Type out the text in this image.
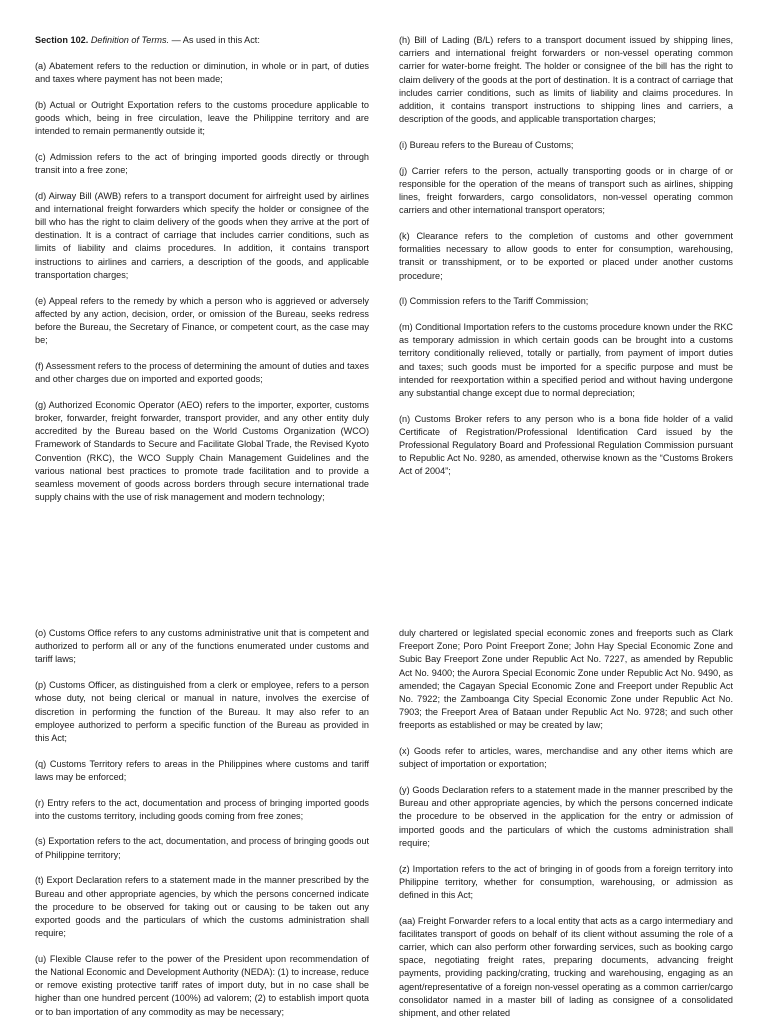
Section 102. Definition of Terms. — As used in this Act:

(a) Abatement refers to the reduction or diminution, in whole or in part, of duties and taxes where payment has not been made;

(b) Actual or Outright Exportation refers to the customs procedure applicable to goods which, being in free circulation, leave the Philippine territory and are intended to remain permanently outside it;

(c) Admission refers to the act of bringing imported goods directly or through transit into a free zone;

(d) Airway Bill (AWB) refers to a transport document for airfreight used by airlines and international freight forwarders which specify the holder or consignee of the bill who has the right to claim delivery of the goods when they arrive at the port of destination. It is a contract of carriage that includes carrier conditions, such as limits of liability and claims procedures. In addition, it contains transport instructions to airlines and carriers, a description of the goods, and applicable transportation charges;

(e) Appeal refers to the remedy by which a person who is aggrieved or adversely affected by any action, decision, order, or omission of the Bureau, seeks redress before the Bureau, the Secretary of Finance, or competent court, as the case may be;

(f) Assessment refers to the process of determining the amount of duties and taxes and other charges due on imported and exported goods;

(g) Authorized Economic Operator (AEO) refers to the importer, exporter, customs broker, forwarder, freight forwarder, transport provider, and any other entity duly accredited by the Bureau based on the World Customs Organization (WCO) Framework of Standards to Secure and Facilitate Global Trade, the Revised Kyoto Convention (RKC), the WCO Supply Chain Management Guidelines and the various national best practices to promote trade facilitation and to provide a seamless movement of goods across borders through secure international trade supply chains with the use of risk management and modern technology;

(h) Bill of Lading (B/L) refers to a transport document issued by shipping lines, carriers and international freight forwarders or non-vessel operating common carrier for water-borne freight. The holder or consignee of the bill has the right to claim delivery of the goods at the port of destination. It is a contract of carriage that includes carrier conditions, such as limits of liability and claims procedures. In addition, it contains transport instructions to shipping lines and carriers, a description of the goods, and applicable transportation charges;

(i) Bureau refers to the Bureau of Customs;

(j) Carrier refers to the person, actually transporting goods or in charge of or responsible for the operation of the means of transport such as airlines, shipping lines, freight forwarders, cargo consolidators, non-vessel operating common carriers and other international transport operators;

(k) Clearance refers to the completion of customs and other government formalities necessary to allow goods to enter for consumption, warehousing, transit or transshipment, or to be exported or placed under another customs procedure;

(l) Commission refers to the Tariff Commission;

(m) Conditional Importation refers to the customs procedure known under the RKC as temporary admission in which certain goods can be brought into a customs territory conditionally relieved, totally or partially, from payment of import duties and taxes; such goods must be imported for a specific purpose and must be intended for reexportation within a specified period and without having undergone any substantial change except due to normal depreciation;

(n) Customs Broker refers to any person who is a bona fide holder of a valid Certificate of Registration/Professional Identification Card issued by the Professional Regulatory Board and Professional Regulation Commission pursuant to Republic Act No. 9280, as amended, otherwise known as the “Customs Brokers Act of 2004”;

(o) Customs Office refers to any customs administrative unit that is competent and authorized to perform all or any of the functions enumerated under customs and tariff laws;

(p) Customs Officer, as distinguished from a clerk or employee, refers to a person whose duty, not being clerical or manual in nature, involves the exercise of discretion in performing the function of the Bureau. It may also refer to an employee authorized to perform a specific function of the Bureau as provided in this Act;

(q) Customs Territory refers to areas in the Philippines where customs and tariff laws may be enforced;

(r) Entry refers to the act, documentation and process of bringing imported goods into the customs territory, including goods coming from free zones;

(s) Exportation refers to the act, documentation, and process of bringing goods out of Philippine territory;

(t) Export Declaration refers to a statement made in the manner prescribed by the Bureau and other appropriate agencies, by which the persons concerned indicate the procedure to be observed for taking out or causing to be taken out any exported goods and the particulars of which the customs administration shall require;

(u) Flexible Clause refer to the power of the President upon recommendation of the National Economic and Development Authority (NEDA): (1) to increase, reduce or remove existing protective tariff rates of import duty, but in no case shall be higher than one hundred percent (100%) ad valorem; (2) to establish import quota or to ban importation of any commodity as may be necessary;

duly chartered or legislated special economic zones and freeports such as Clark Freeport Zone; Poro Point Freeport Zone; John Hay Special Economic Zone and Subic Bay Freeport Zone under Republic Act No. 7227, as amended by Republic Act No. 9400; the Aurora Special Economic Zone under Republic Act No. 9490, as amended; the Cagayan Special Economic Zone and Freeport under Republic Act No. 7922; the Zamboanga City Special Economic Zone under Republic Act No. 7903; the Freeport Area of Bataan under Republic Act No. 9728; and such other freeports as established or may be created by law;

(x) Goods refer to articles, wares, merchandise and any other items which are subject of importation or exportation;

(y) Goods Declaration refers to a statement made in the manner prescribed by the Bureau and other appropriate agencies, by which the persons concerned indicate the procedure to be observed in the application for the entry or admission of imported goods and the particulars of which the customs administration shall require;

(z) Importation refers to the act of bringing in of goods from a foreign territory into Philippine territory, whether for consumption, warehousing, or admission as defined in this Act;

(aa) Freight Forwarder refers to a local entity that acts as a cargo intermediary and facilitates transport of goods on behalf of its client without assuming the role of a carrier, which can also perform other forwarding services, such as booking cargo space, negotiating freight rates, preparing documents, advancing freight payments, providing packing/crating, trucking and warehousing, engaging as an agent/representative of a foreign non-vessel operating as a common carrier/cargo consolidator named in a master bill of lading as consignee of a consolidated shipment, and other related
